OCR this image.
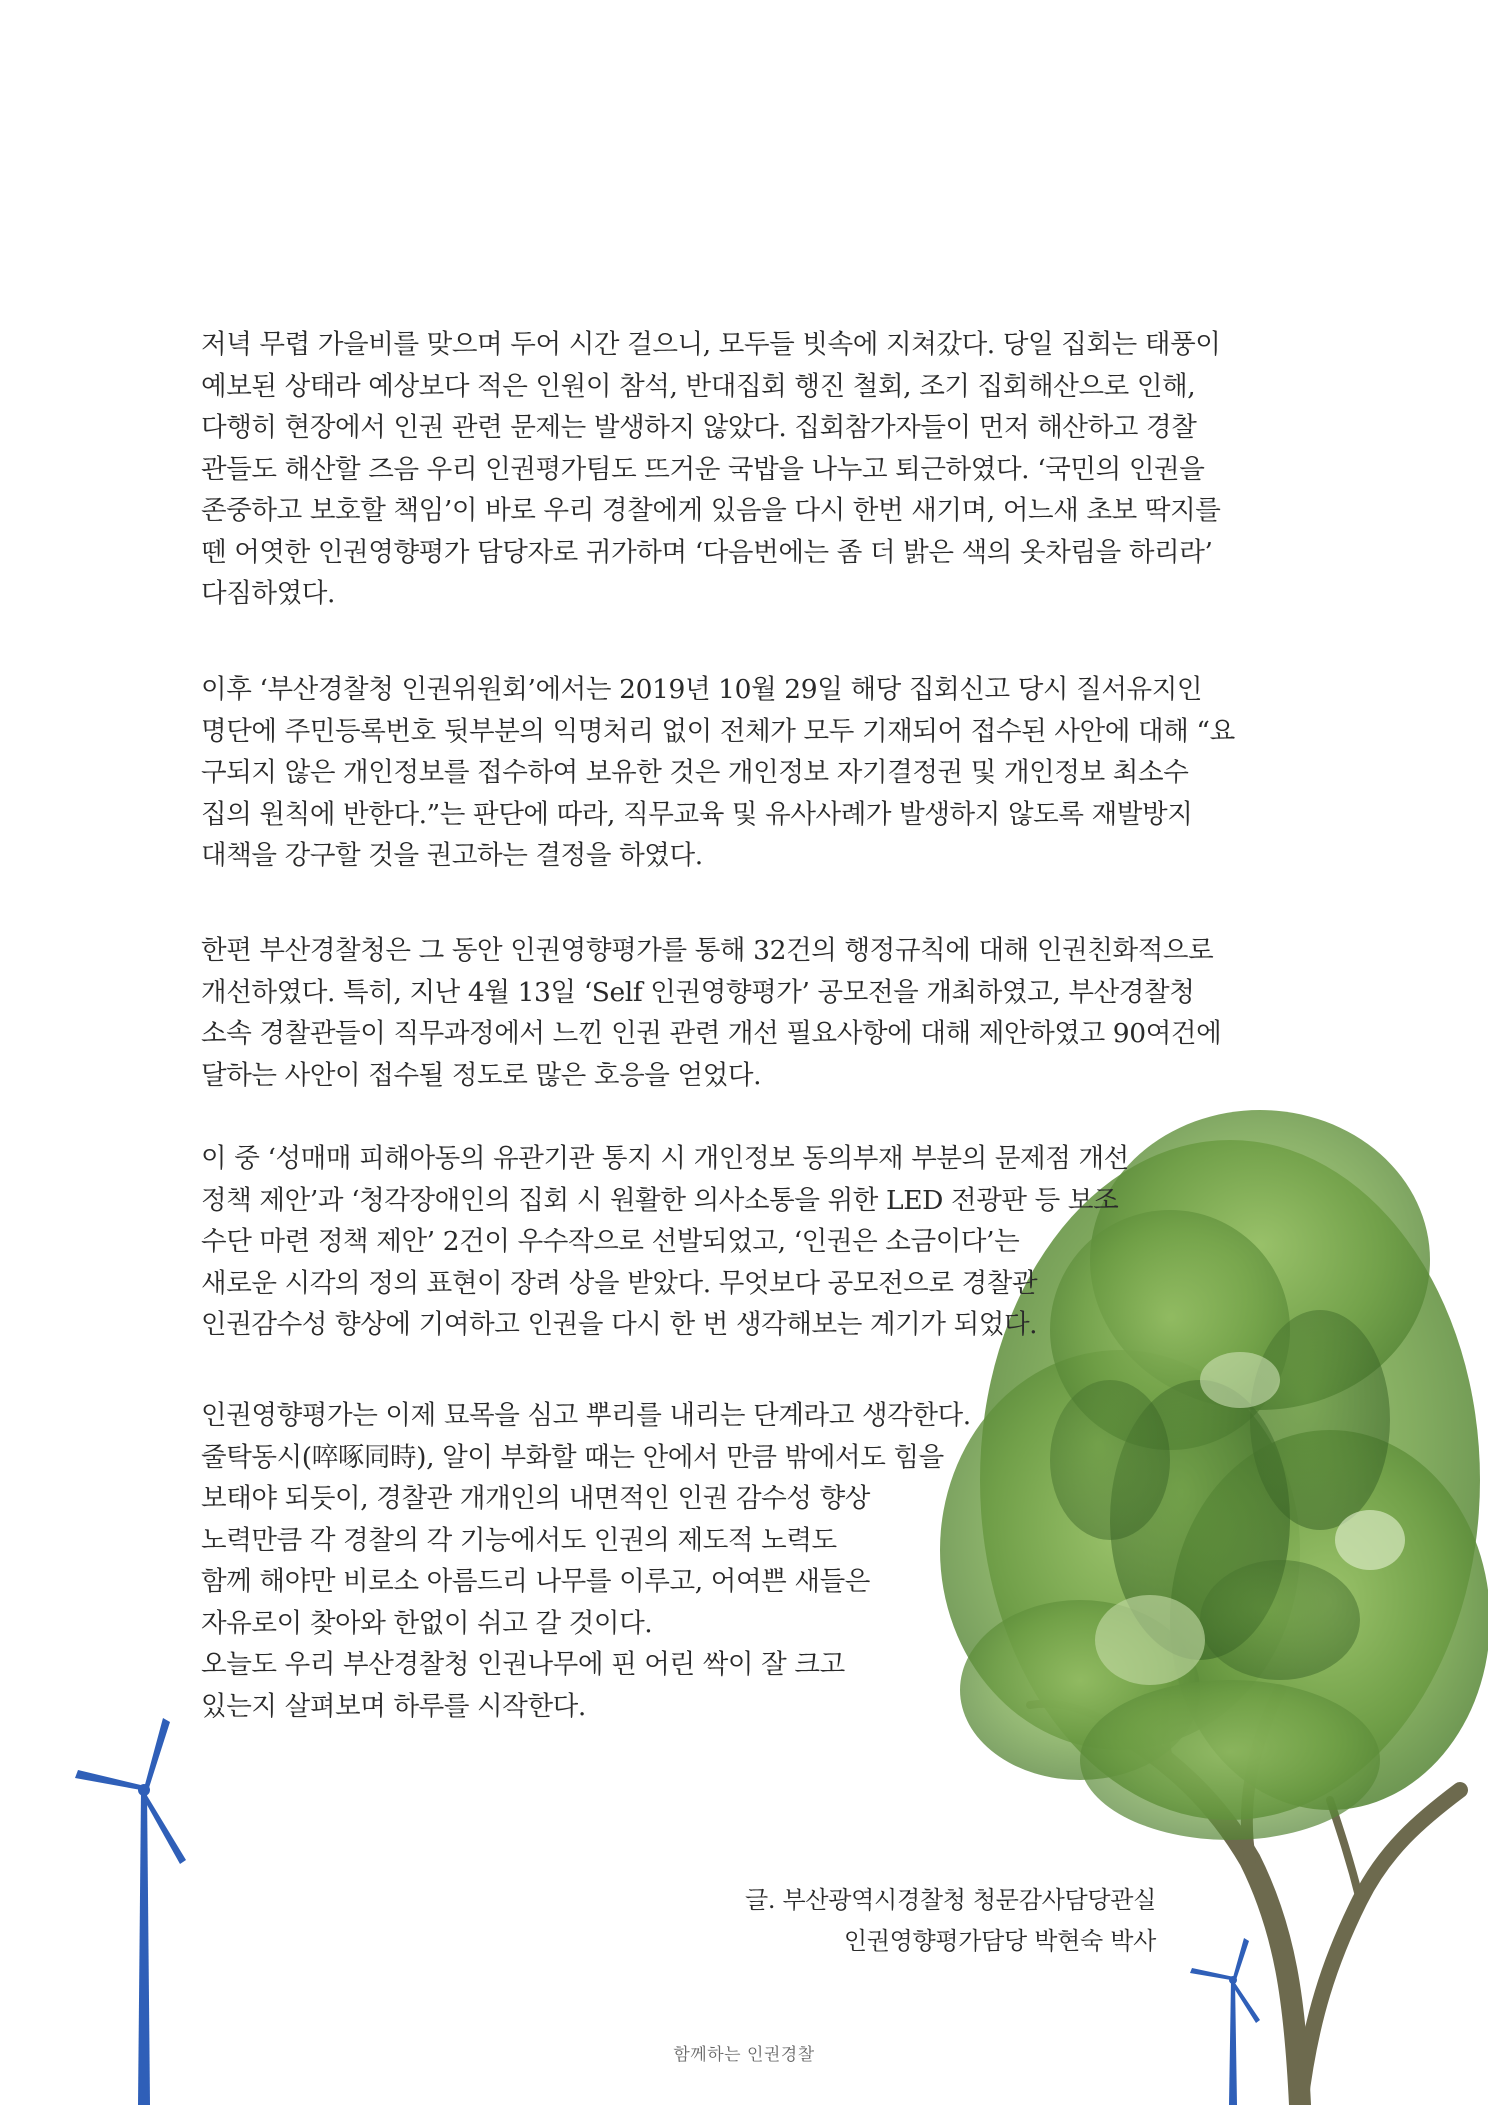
저녁 무렵 가을비를 맞으며 두어 시간 걸으니, 모두들 빗속에 지쳐갔다. 당일 집회는 태풍이
예보된 상태라 예상보다 적은 인원이 참석, 반대집회 행진 철회, 조기 집회해산으로 인해,
다행히 현장에서 인권 관련 문제는 발생하지 않았다. 집회참가자들이 먼저 해산하고 경찰
관들도 해산할 즈음 우리 인권평가팀도 뜨거운 국밥을 나누고 퇴근하였다. ‘국민의 인권을
존중하고 보호할 책임’이 바로 우리 경찰에게 있음을 다시 한번 새기며, 어느새 초보 딱지를
뗀 어엿한 인권영향평가 담당자로 귀가하며 ‘다음번에는 좀 더 밝은 색의 옷차림을 하리라’
다짐하였다.

이후 ‘부산경찰청 인권위원회’에서는 2019년 10월 29일 해당 집회신고 당시 질서유지인
명단에 주민등록번호 뒷부분의 익명처리 없이 전체가 모두 기재되어 접수된 사안에 대해 “요
구되지 않은 개인정보를 접수하여 보유한 것은 개인정보 자기결정권 및 개인정보 최소수
집의 원칙에 반한다.”는 판단에 따라, 직무교육 및 유사사례가 발생하지 않도록 재발방지
대책을 강구할 것을 권고하는 결정을 하였다.

한편 부산경찰청은 그 동안 인권영향평가를 통해 32건의 행정규칙에 대해 인권친화적으로
개선하였다. 특히, 지난 4월 13일 ‘Self 인권영향평가’ 공모전을 개최하였고, 부산경찰청
소속 경찰관들이 직무과정에서 느낀 인권 관련 개선 필요사항에 대해 제안하였고 90여건에
달하는 사안이 접수될 정도로 많은 호응을 얻었다.

이 중 ‘성매매 피해아동의 유관기관 통지 시 개인정보 동의부재 부분의 문제점 개선
정책 제안’과 ‘청각장애인의 집회 시 원활한 의사소통을 위한 LED 전광판 등 보조
수단 마련 정책 제안’ 2건이 우수작으로 선발되었고, ‘인권은 소금이다’는
새로운 시각의 정의 표현이 장려 상을 받았다. 무엇보다 공모전으로 경찰관
인권감수성 향상에 기여하고 인권을 다시 한 번 생각해보는 계기가 되었다.

인권영향평가는 이제 묘목을 심고 뿌리를 내리는 단계라고 생각한다.
줄탁동시(啐啄同時), 알이 부화할 때는 안에서 만큼 밖에서도 힘을
보태야 되듯이, 경찰관 개개인의 내면적인 인권 감수성 향상
노력만큼 각 경찰의 각 기능에서도 인권의 제도적 노력도
함께 해야만 비로소 아름드리 나무를 이루고, 어여쁜 새들은
자유로이 찾아와 한없이 쉬고 갈 것이다.
오늘도 우리 부산경찰청 인권나무에 핀 어린 싹이 잘 크고
있는지 살펴보며 하루를 시작한다.

글. 부산광역시경찰청 청문감사담당관실
인권영향평가담당 박현숙 박사
함께하는 인권경찰
